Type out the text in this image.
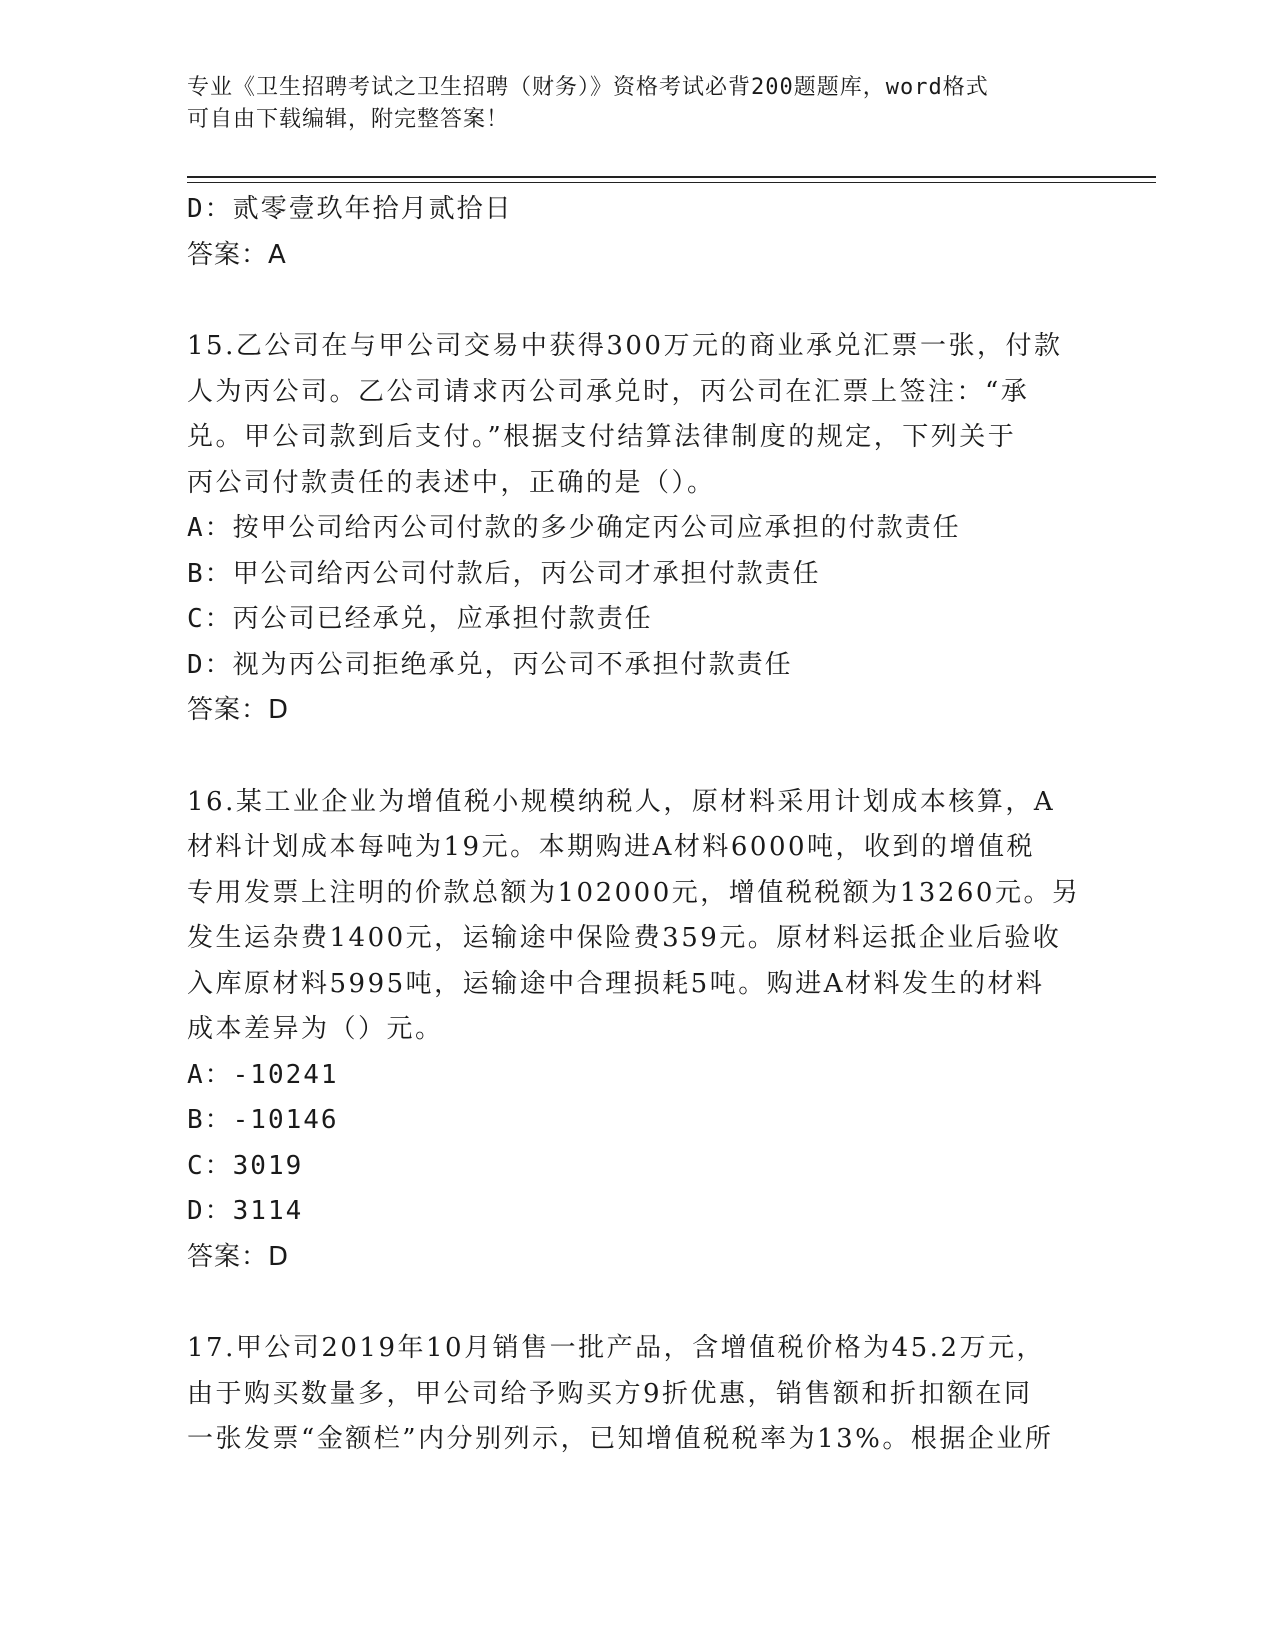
专业《卫生招聘考试之卫生招聘（财务）》资格考试必背200题题库，word格式
可自由下载编辑，附完整答案！
D：贰零壹玖年拾月贰拾日
答案：A
15.乙公司在与甲公司交易中获得300万元的商业承兑汇票一张，付款
人为丙公司。乙公司请求丙公司承兑时，丙公司在汇票上签注：“承
兑。甲公司款到后支付。”根据支付结算法律制度的规定，下列关于
丙公司付款责任的表述中，正确的是（）。
A：按甲公司给丙公司付款的多少确定丙公司应承担的付款责任
B：甲公司给丙公司付款后，丙公司才承担付款责任
C：丙公司已经承兑，应承担付款责任
D：视为丙公司拒绝承兑，丙公司不承担付款责任
答案：D
16.某工业企业为增值税小规模纳税人，原材料采用计划成本核算，A
材料计划成本每吨为19元。本期购进A材料6000吨，收到的增值税
专用发票上注明的价款总额为102000元，增值税税额为13260元。另
发生运杂费1400元，运输途中保险费359元。原材料运抵企业后验收
入库原材料5995吨，运输途中合理损耗5吨。购进A材料发生的材料
成本差异为（）元。
A：-10241
B：-10146
C：3019
D：3114
答案：D
17.甲公司2019年10月销售一批产品，含增值税价格为45.2万元，
由于购买数量多，甲公司给予购买方9折优惠，销售额和折扣额在同
一张发票“金额栏”内分别列示，已知增值税税率为13%。根据企业所
